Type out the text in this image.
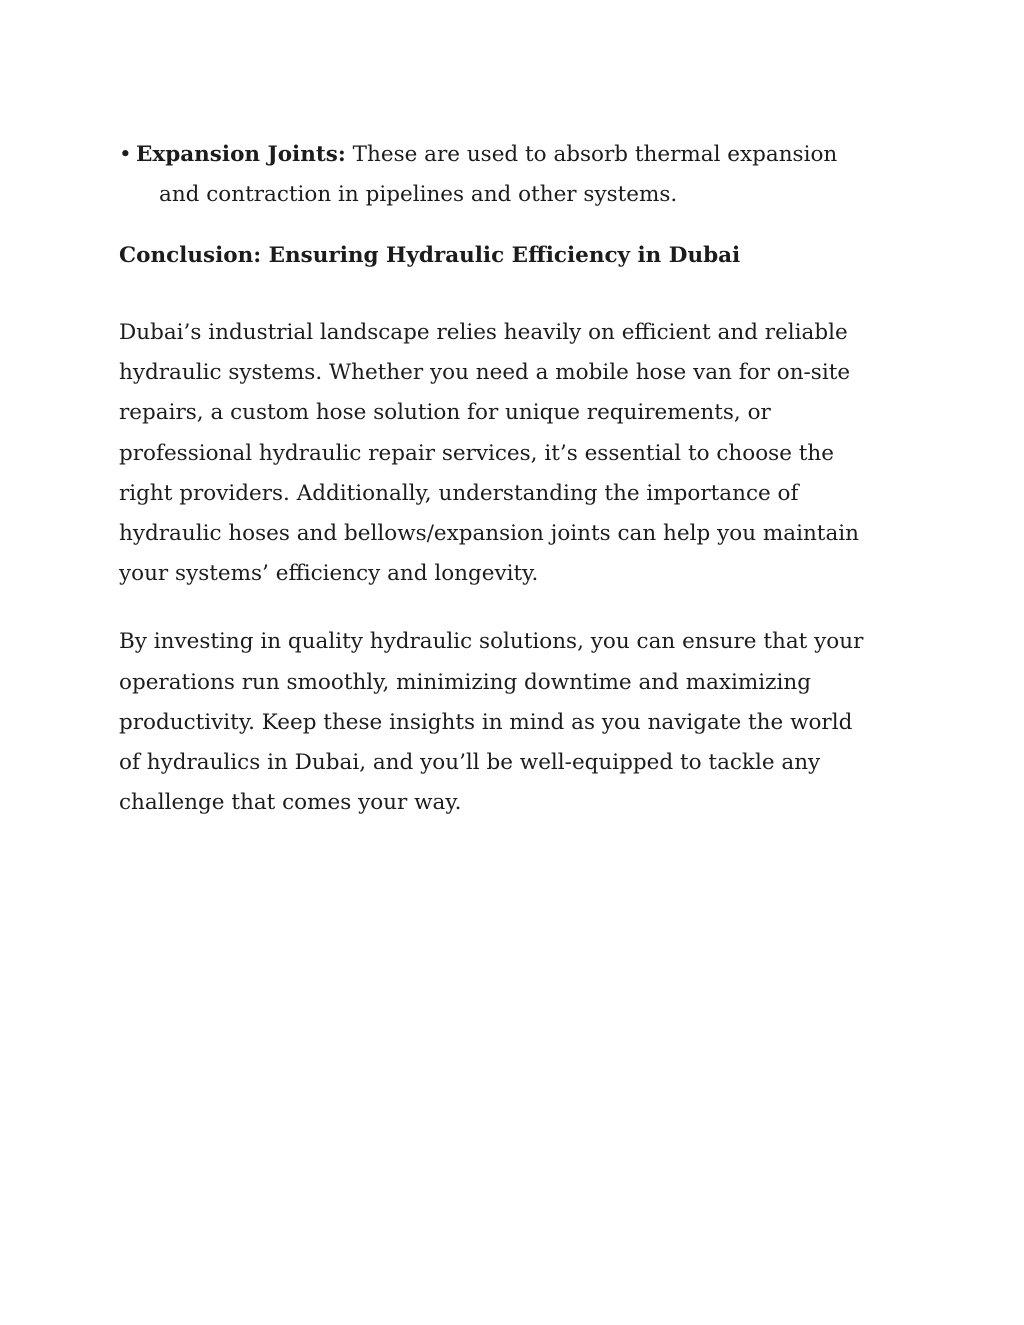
• Expansion Joints: These are used to absorb thermal expansion and contraction in pipelines and other systems.

Conclusion: Ensuring Hydraulic Efficiency in Dubai

Dubai’s industrial landscape relies heavily on efficient and reliable hydraulic systems. Whether you need a mobile hose van for on-site repairs, a custom hose solution for unique requirements, or professional hydraulic repair services, it’s essential to choose the right providers. Additionally, understanding the importance of hydraulic hoses and bellows/expansion joints can help you maintain your systems’ efficiency and longevity.

By investing in quality hydraulic solutions, you can ensure that your operations run smoothly, minimizing downtime and maximizing productivity. Keep these insights in mind as you navigate the world of hydraulics in Dubai, and you’ll be well-equipped to tackle any challenge that comes your way.
